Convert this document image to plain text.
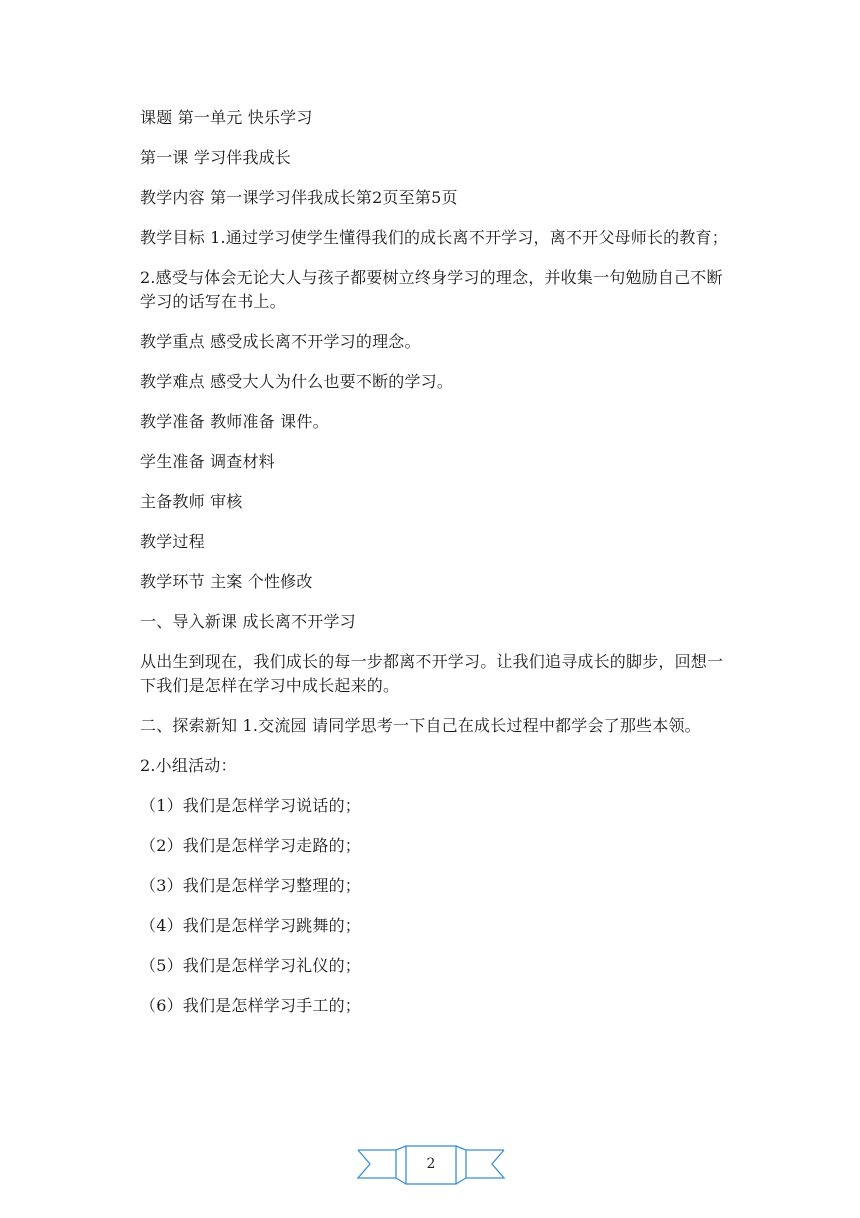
课题 第一单元 快乐学习

第一课 学习伴我成长

教学内容 第一课学习伴我成长第2页至第5页

教学目标 1.通过学习使学生懂得我们的成长离不开学习，离不开父母师长的教育；

2.感受与体会无论大人与孩子都要树立终身学习的理念，并收集一句勉励自己不断学习的话写在书上。

教学重点 感受成长离不开学习的理念。

教学难点 感受大人为什么也要不断的学习。

教学准备 教师准备 课件。

学生准备 调查材料

主备教师 审核

教学过程

教学环节 主案 个性修改

一、导入新课 成长离不开学习

从出生到现在，我们成长的每一步都离不开学习。让我们追寻成长的脚步，回想一下我们是怎样在学习中成长起来的。

二、探索新知 1.交流园 请同学思考一下自己在成长过程中都学会了那些本领。

2.小组活动：

（1）我们是怎样学习说话的；

（2）我们是怎样学习走路的；

（3）我们是怎样学习整理的；

（4）我们是怎样学习跳舞的；

（5）我们是怎样学习礼仪的；

（6）我们是怎样学习手工的；

2
